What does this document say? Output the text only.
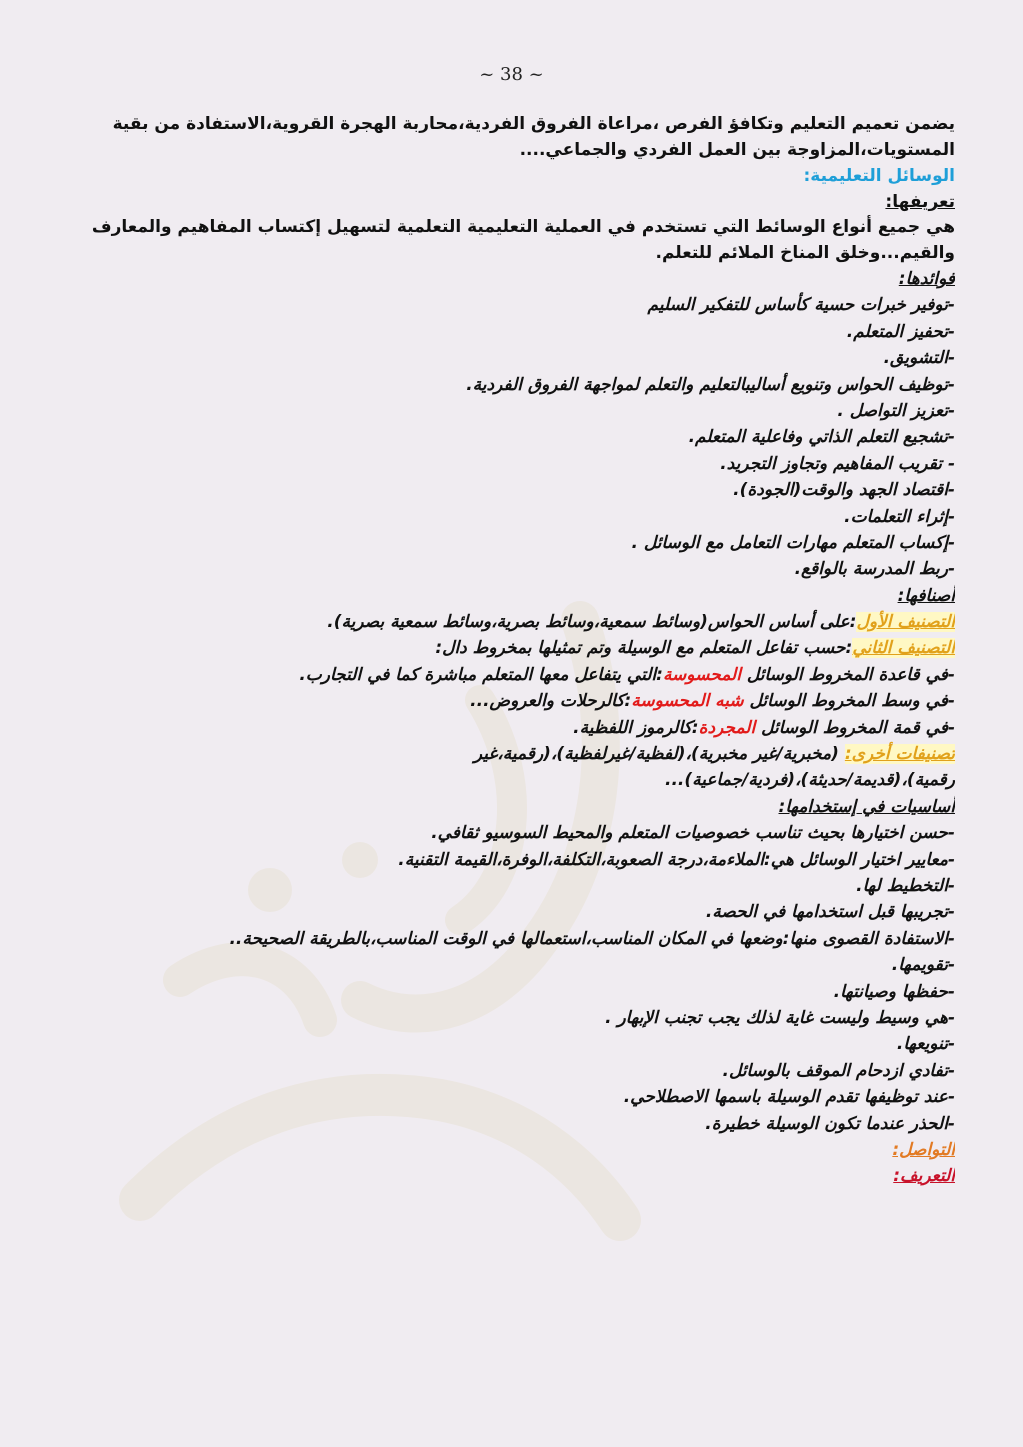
~ 38 ~
يضمن تعميم التعليم وتكافؤ الفرص ،مراعاة الفروق الفردية،محاربة الهجرة القروية،الاستفادة من بقية
المستويات،المزاوجة بين العمل الفردي والجماعي....
الوسائل التعليمية:
تعريفها:
هي جميع أنواع الوسائط التي تستخدم في العملية التعليمية التعلمية لتسهيل إكتساب المفاهيم والمعارف
والقيم...وخلق المناخ الملائم للتعلم.
فوائدها:
-توفير خبرات حسية كأساس للتفكير السليم
-تحفيز المتعلم.
-التشويق.
-توظيف الحواس وتنويع أساليبالتعليم والتعلم لمواجهة الفروق الفردية.
-تعزيز التواصل .
-تشجيع التعلم الذاتي وفاعلية المتعلم.
- تقريب المفاهيم وتجاوز التجريد.
-اقتصاد الجهد والوقت(الجودة).
-إثراء التعلمات.
-إكساب المتعلم مهارات التعامل مع الوسائل .
-ربط المدرسة بالواقع.
أصنافها:
التصنيف الأول:على أساس الحواس(وسائط سمعية،وسائط بصرية،وسائط سمعية بصرية).
التصنيف الثاني:حسب تفاعل المتعلم مع الوسيلة وتم تمثيلها بمخروط دال:
-في قاعدة المخروط الوسائل المحسوسة:التي يتفاعل معها المتعلم مباشرة كما في التجارب.
-في وسط المخروط الوسائل شبه المحسوسة:كالرحلات والعروض...
-في قمة المخروط الوسائل المجردة:كالرموز اللفظية.
تصنيفات أخرى: (مخبرية/غير مخبرية)،(لفظية/غيرلفظية)،(رقمية،غير
رقمية)،(قديمة/حديثة)،(فردية/جماعية)...
أساسيات في إستخدامها:
-حسن اختيارها بحيث تناسب خصوصيات المتعلم والمحيط السوسيو ثقافي.
-معايير اختيار الوسائل هي:الملاءمة،درجة الصعوبة،التكلفة،الوفرة،القيمة التقنية.
-التخطيط لها.
-تجريبها قبل استخدامها في الحصة.
-الاستفادة القصوى منها:وضعها في المكان المناسب،استعمالها في الوقت المناسب،بالطريقة الصحيحة..
-تقويمها.
-حفظها وصيانتها.
-هي وسيط وليست غاية لذلك يجب تجنب الإبهار .
-تنويعها.
-تفادي ازدحام الموقف بالوسائل.
-عند توظيفها تقدم الوسيلة باسمها الاصطلاحي.
-الحذر عندما تكون الوسيلة خطيرة.
التواصل:
التعريف:
